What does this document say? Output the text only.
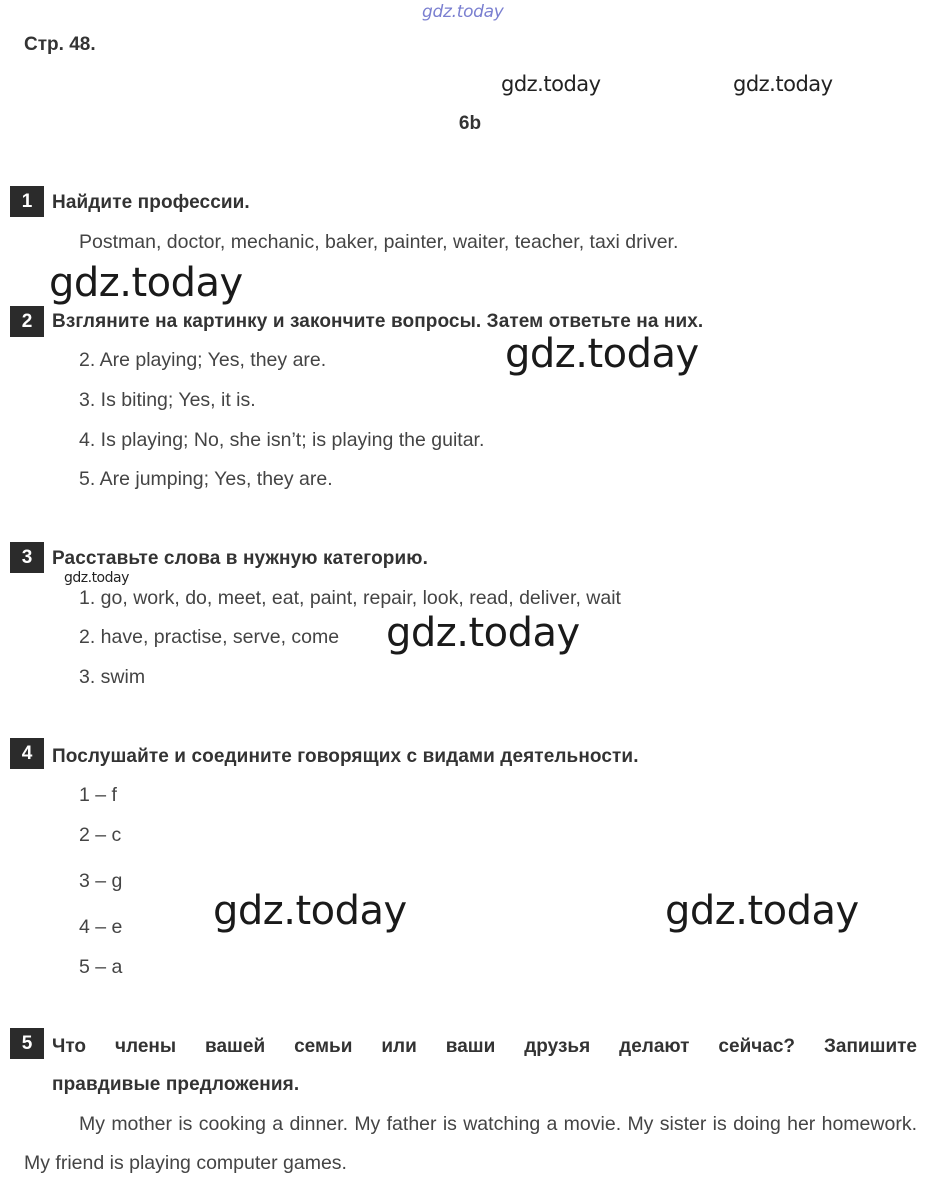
gdz.today
Стр. 48.
gdz.today	gdz.today
6b
1	Найдите профессии.
Postman, doctor, mechanic, baker, painter, waiter, teacher, taxi driver.
gdz.today
2	Взгляните на картинку и закончите вопросы. Затем ответьте на них.
gdz.today
2. Are playing; Yes, they are.
3. Is biting; Yes, it is.
4. Is playing; No, she isn’t; is playing the guitar.
5. Are jumping; Yes, they are.
3	Расставьте слова в нужную категорию.
gdz.today
1. go, work, do, meet, eat, paint, repair, look, read, deliver, wait
2. have, practise, serve, come gdz.today
3. swim
4	Послушайте и соедините говорящих с видами деятельности.
1 – f
2 – c
3 – g
4 – e
5 – a
gdz.today	gdz.today
5	Что члены вашей семьи или ваши друзья делают сейчас? Запишите
правдивые предложения.
My mother is cooking a dinner. My father is watching a movie. My sister is doing her homework. My friend is playing computer games.
